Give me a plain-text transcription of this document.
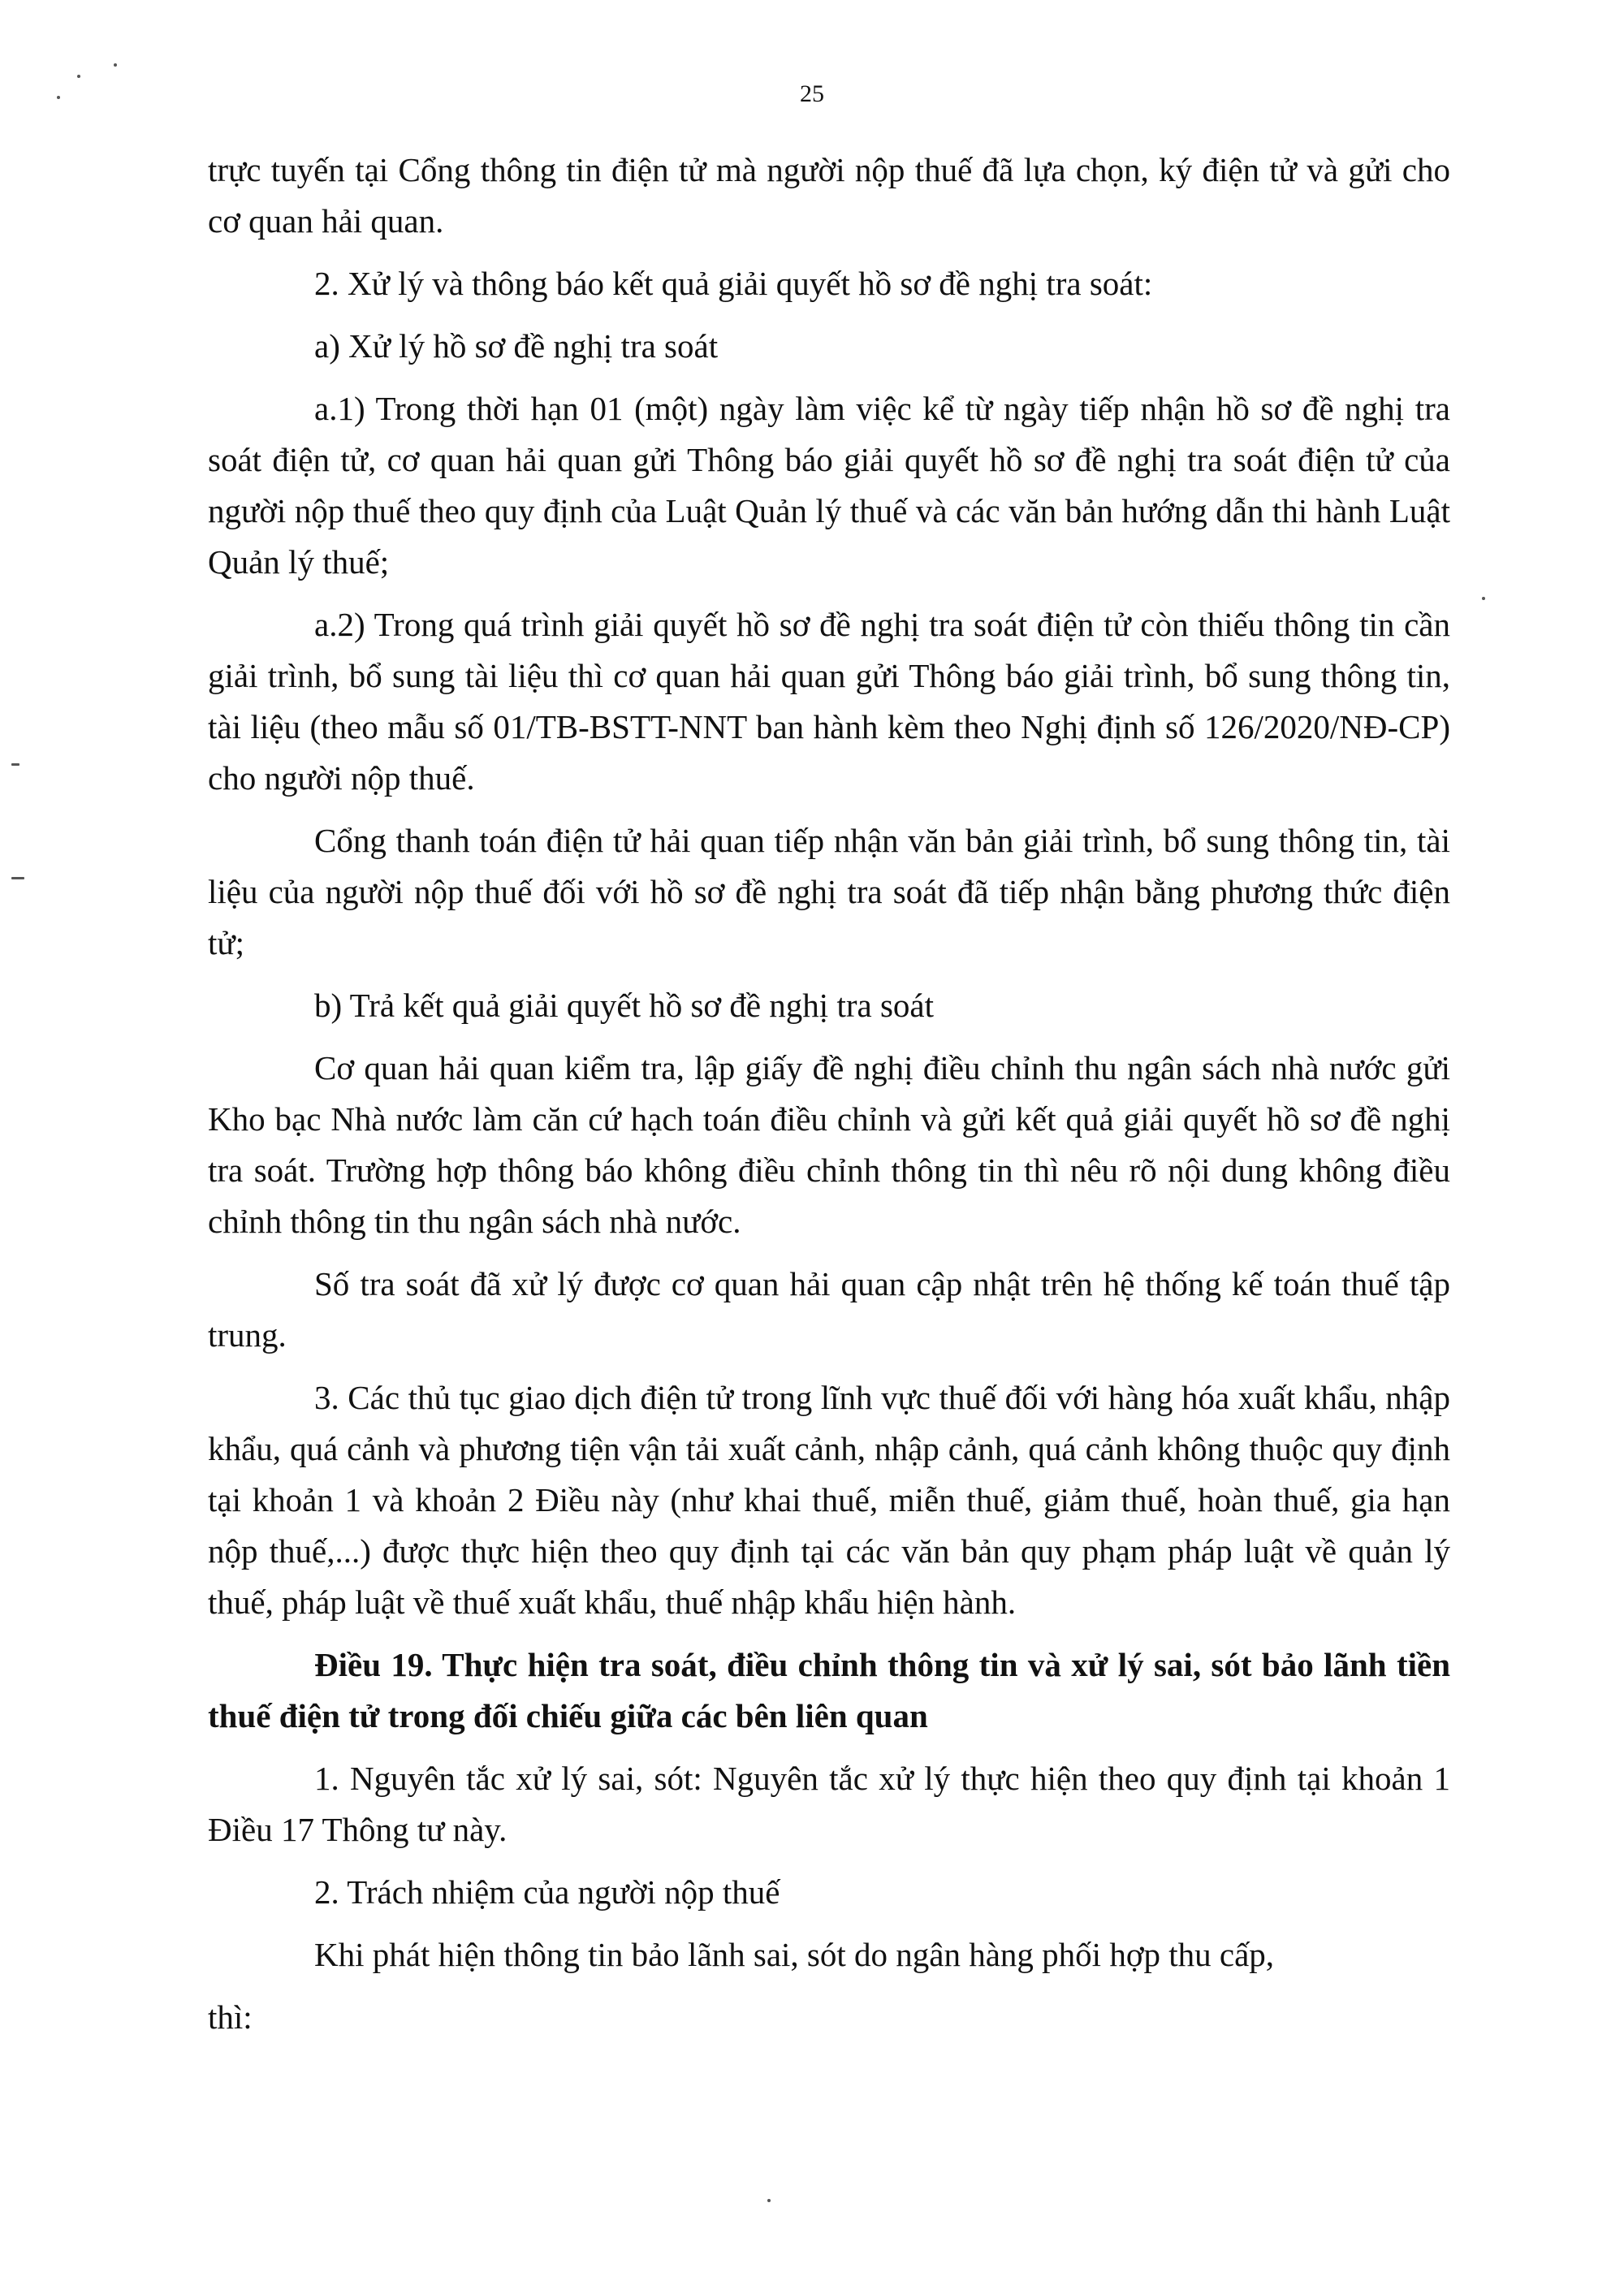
25

trực tuyến tại Cổng thông tin điện tử mà người nộp thuế đã lựa chọn, ký điện tử và gửi cho cơ quan hải quan.

2. Xử lý và thông báo kết quả giải quyết hồ sơ đề nghị tra soát:

a) Xử lý hồ sơ đề nghị tra soát

a.1) Trong thời hạn 01 (một) ngày làm việc kể từ ngày tiếp nhận hồ sơ đề nghị tra soát điện tử, cơ quan hải quan gửi Thông báo giải quyết hồ sơ đề nghị tra soát điện tử của người nộp thuế theo quy định của Luật Quản lý thuế và các văn bản hướng dẫn thi hành Luật Quản lý thuế;

a.2) Trong quá trình giải quyết hồ sơ đề nghị tra soát điện tử còn thiếu thông tin cần giải trình, bổ sung tài liệu thì cơ quan hải quan gửi Thông báo giải trình, bổ sung thông tin, tài liệu (theo mẫu số 01/TB-BSTT-NNT ban hành kèm theo Nghị định số 126/2020/NĐ-CP) cho người nộp thuế.

Cổng thanh toán điện tử hải quan tiếp nhận văn bản giải trình, bổ sung thông tin, tài liệu của người nộp thuế đối với hồ sơ đề nghị tra soát đã tiếp nhận bằng phương thức điện tử;

b) Trả kết quả giải quyết hồ sơ đề nghị tra soát

Cơ quan hải quan kiểm tra, lập giấy đề nghị điều chỉnh thu ngân sách nhà nước gửi Kho bạc Nhà nước làm căn cứ hạch toán điều chỉnh và gửi kết quả giải quyết hồ sơ đề nghị tra soát. Trường hợp thông báo không điều chỉnh thông tin thì nêu rõ nội dung không điều chỉnh thông tin thu ngân sách nhà nước.

Số tra soát đã xử lý được cơ quan hải quan cập nhật trên hệ thống kế toán thuế tập trung.

3. Các thủ tục giao dịch điện tử trong lĩnh vực thuế đối với hàng hóa xuất khẩu, nhập khẩu, quá cảnh và phương tiện vận tải xuất cảnh, nhập cảnh, quá cảnh không thuộc quy định tại khoản 1 và khoản 2 Điều này (như khai thuế, miễn thuế, giảm thuế, hoàn thuế, gia hạn nộp thuế,...) được thực hiện theo quy định tại các văn bản quy phạm pháp luật về quản lý thuế, pháp luật về thuế xuất khẩu, thuế nhập khẩu hiện hành.

Điều 19. Thực hiện tra soát, điều chỉnh thông tin và xử lý sai, sót bảo lãnh tiền thuế điện tử trong đối chiếu giữa các bên liên quan

1. Nguyên tắc xử lý sai, sót: Nguyên tắc xử lý thực hiện theo quy định tại khoản 1 Điều 17 Thông tư này.

2. Trách nhiệm của người nộp thuế

Khi phát hiện thông tin bảo lãnh sai, sót do ngân hàng phối hợp thu cấp,

thì:
